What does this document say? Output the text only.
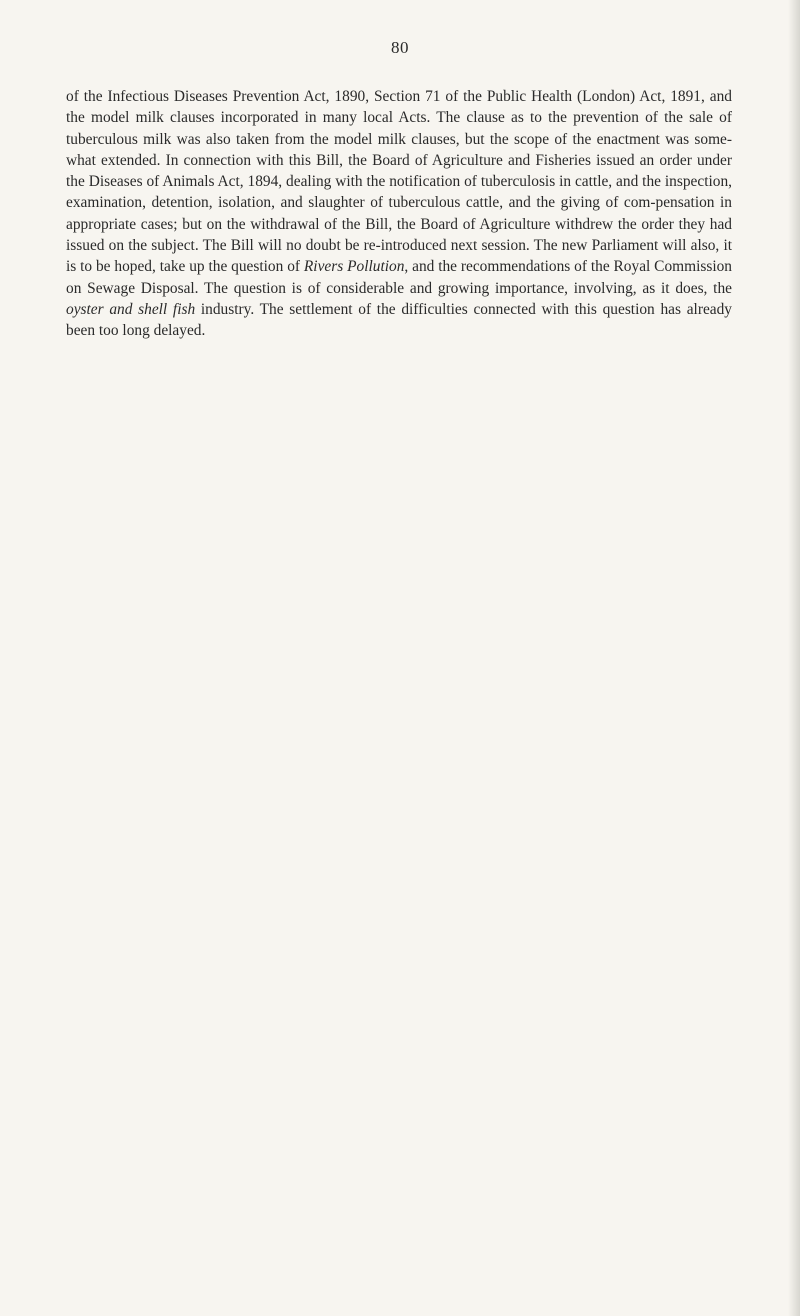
80

of the Infectious Diseases Prevention Act, 1890, Section 71 of the Public Health (London) Act, 1891, and the model milk clauses incorporated in many local Acts. The clause as to the prevention of the sale of tuberculous milk was also taken from the model milk clauses, but the scope of the enactment was some-what extended. In connection with this Bill, the Board of Agriculture and Fisheries issued an order under the Diseases of Animals Act, 1894, dealing with the notification of tuberculosis in cattle, and the inspection, examination, detention, isolation, and slaughter of tuberculous cattle, and the giving of com-pensation in appropriate cases; but on the withdrawal of the Bill, the Board of Agriculture withdrew the order they had issued on the subject. The Bill will no doubt be re-introduced next session. The new Parliament will also, it is to be hoped, take up the question of Rivers Pollution, and the recommendations of the Royal Commission on Sewage Disposal. The question is of considerable and growing importance, involving, as it does, the oyster and shell fish industry. The settlement of the difficulties connected with this question has already been too long delayed.
